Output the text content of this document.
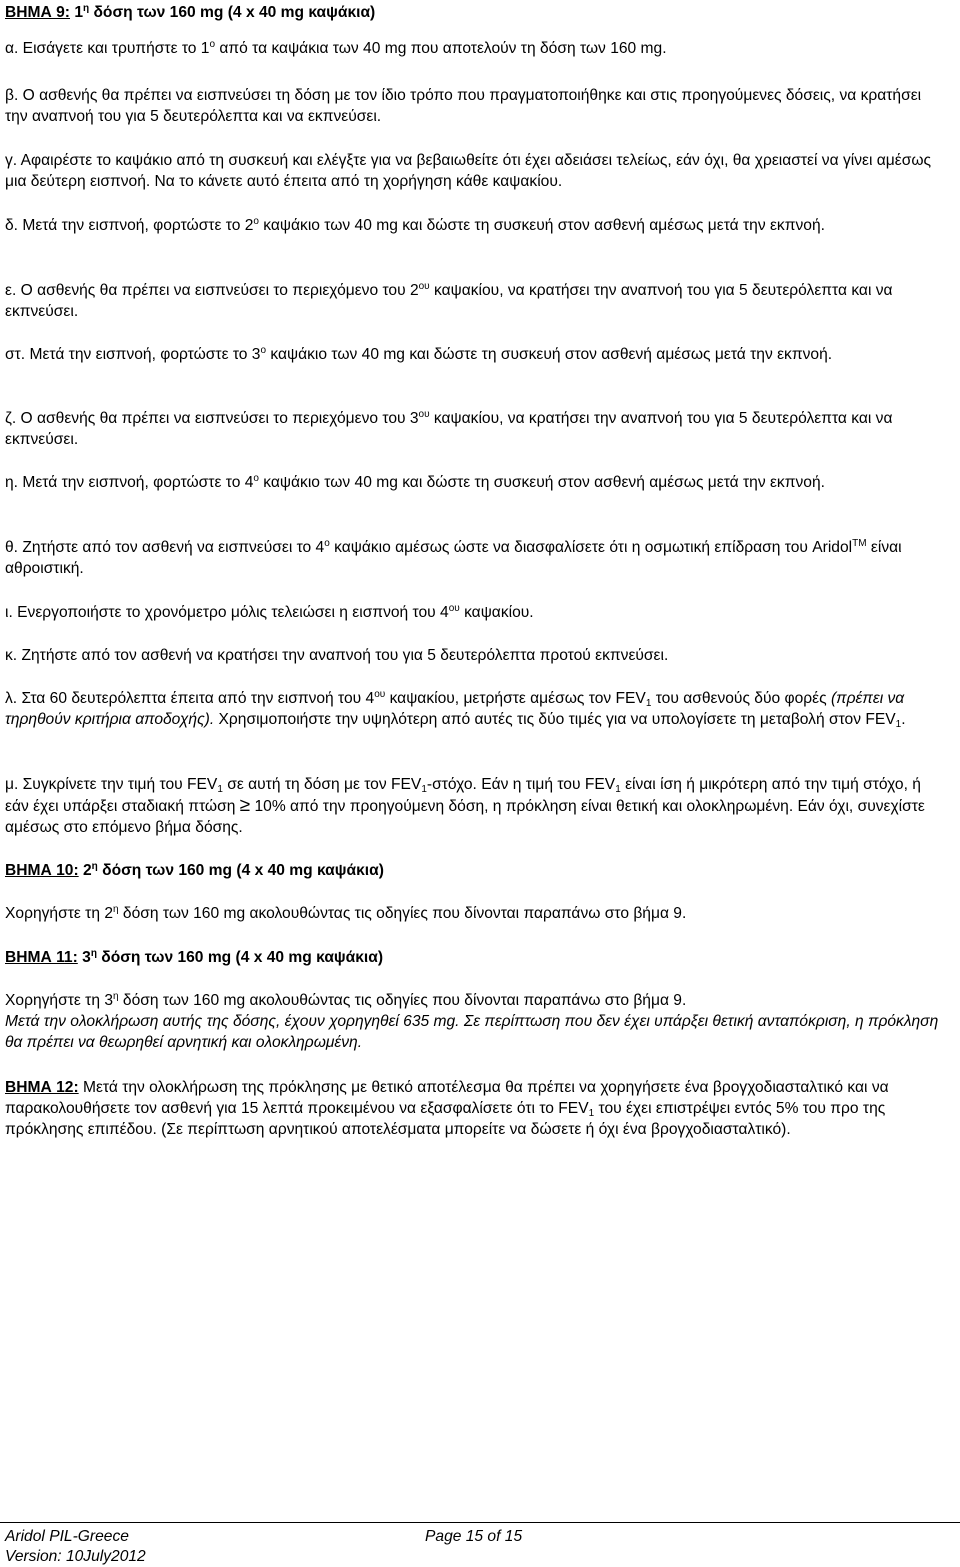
ΒΗΜΑ 9: $1^\eta$ δόση των 160 mg (4 x 40 mg καψάκια)
α. Εισάγετε και τρυπήστε το $1^o$ από τα καψάκια των 40 mg που αποτελούν τη δόση των 160 mg.
β. Ο ασθενής θα πρέπει να εισπνεύσει τη δόση με τον ίδιο τρόπο που πραγματοποιήθηκε και στις προηγούμενες δόσεις, να κρατήσει την αναπνοή του για 5 δευτερόλεπτα και να εκπνεύσει.
γ. Αφαιρέστε το καψάκιο από τη συσκευή και ελέγξτε για να βεβαιωθείτε ότι έχει αδειάσει τελείως, εάν όχι, θα χρειαστεί να γίνει αμέσως μια δεύτερη εισπνοή. Να το κάνετε αυτό έπειτα από τη χορήγηση κάθε καψακίου.
δ. Μετά την εισπνοή, φορτώστε το $2^o$ καψάκιο των 40 mg και δώστε τη συσκευή στον ασθενή αμέσως μετά την εκπνοή.
ε. Ο ασθενής θα πρέπει να εισπνεύσει το περιεχόμενο του $2^{o\upsilon}$ καψακίου, να κρατήσει την αναπνοή του για 5 δευτερόλεπτα και να εκπνεύσει.
στ. Μετά την εισπνοή, φορτώστε το $3^o$ καψάκιο των 40 mg και δώστε τη συσκευή στον ασθενή αμέσως μετά την εκπνοή.
ζ. Ο ασθενής θα πρέπει να εισπνεύσει το περιεχόμενο του $3^{o\upsilon}$ καψακίου, να κρατήσει την αναπνοή του για 5 δευτερόλεπτα και να εκπνεύσει.
η. Μετά την εισπνοή, φορτώστε το $4^o$ καψάκιο των 40 mg και δώστε τη συσκευή στον ασθενή αμέσως μετά την εκπνοή.
θ. Ζητήστε από τον ασθενή να εισπνεύσει το $4^o$ καψάκιο αμέσως ώστε να διασφαλίσετε ότι η οσμωτική επίδραση του Aridol™ είναι αθροιστική.
ι. Ενεργοποιήστε το χρονόμετρο μόλις τελειώσει η εισπνοή του $4^{o\upsilon}$ καψακίου.
κ. Ζητήστε από τον ασθενή να κρατήσει την αναπνοή του για 5 δευτερόλεπτα προτού εκπνεύσει.
λ. Στα 60 δευτερόλεπτα έπειτα από την εισπνοή του $4^{o\upsilon}$ καψακίου, μετρήστε αμέσως τον $FEV_1$ του ασθενούς δύο φορές (πρέπει να τηρηθούν κριτήρια αποδοχής). Χρησιμοποιήστε την υψηλότερη από αυτές τις δύο τιμές για να υπολογίσετε τη μεταβολή στον $FEV_1$.
μ. Συγκρίνετε την τιμή του $FEV_1$ σε αυτή τη δόση με τον $FEV_1$-στόχο. Εάν η τιμή του $FEV_1$ είναι ίση ή μικρότερη από την τιμή στόχο, ή εάν έχει υπάρξει σταδιακή πτώση ≥ 10% από την προηγούμενη δόση, η πρόκληση είναι θετική και ολοκληρωμένη. Εάν όχι, συνεχίστε αμέσως στο επόμενο βήμα δόσης.
ΒΗΜΑ 10: $2^\eta$ δόση των 160 mg (4 x 40 mg καψάκια)
Χορηγήστε τη $2^\eta$ δόση των 160 mg ακολουθώντας τις οδηγίες που δίνονται παραπάνω στο βήμα 9.
ΒΗΜΑ 11: $3^\eta$ δόση των 160 mg (4 x 40 mg καψάκια)
Χορηγήστε τη $3^\eta$ δόση των 160 mg ακολουθώντας τις οδηγίες που δίνονται παραπάνω στο βήμα 9.
Μετά την ολοκλήρωση αυτής της δόσης, έχουν χορηγηθεί 635 mg. Σε περίπτωση που δεν έχει υπάρξει θετική ανταπόκριση, η πρόκληση θα πρέπει να θεωρηθεί αρνητική και ολοκληρωμένη.
ΒΗΜΑ 12: Μετά την ολοκλήρωση της πρόκλησης με θετικό αποτέλεσμα θα πρέπει να χορηγήσετε ένα βρογχοδιασταλτικό και να παρακολουθήσετε τον ασθενή για 15 λεπτά προκειμένου να εξασφαλίσετε ότι το $FEV_1$ του έχει επιστρέψει εντός 5% του προ της πρόκλησης επιπέδου. (Σε περίπτωση αρνητικού αποτελέσματα μπορείτε να δώσετε ή όχι ένα βρογχοδιασταλτικό).
Aridol PIL-Greece	Page 15 of 15
Version: 10July2012
